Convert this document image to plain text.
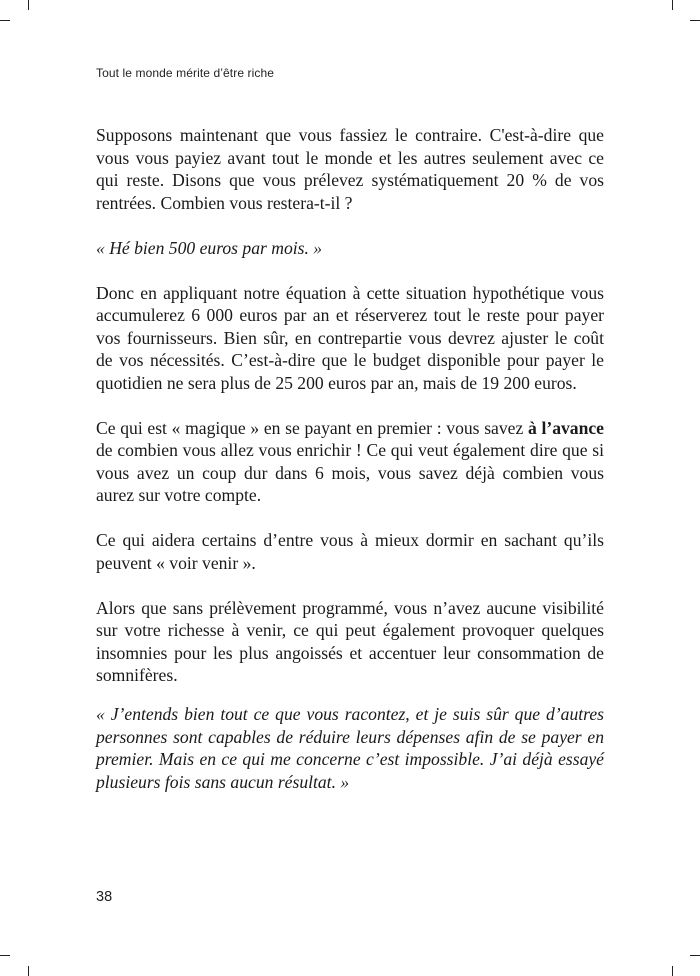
Tout le monde mérite d’être riche

Supposons maintenant que vous fassiez le contraire. C'est-à-dire que vous vous payiez avant tout le monde et les autres seulement avec ce qui reste. Disons que vous prélevez systématiquement 20 % de vos rentrées. Combien vous restera-t-il ?

« Hé bien 500 euros par mois. »

Donc en appliquant notre équation à cette situation hypothétique vous accumulerez 6 000 euros par an et réserverez tout le reste pour payer vos fournisseurs. Bien sûr, en contrepartie vous devrez ajuster le coût de vos nécessités. C’est-à-dire que le budget disponible pour payer le quotidien ne sera plus de 25 200 euros par an, mais de 19 200 euros.

Ce qui est « magique » en se payant en premier : vous savez à l’avance de combien vous allez vous enrichir ! Ce qui veut également dire que si vous avez un coup dur dans 6 mois, vous savez déjà combien vous aurez sur votre compte.

Ce qui aidera certains d’entre vous à mieux dormir en sachant qu’ils peuvent « voir venir ».

Alors que sans prélèvement programmé, vous n’avez aucune visibilité sur votre richesse à venir, ce qui peut également provoquer quelques insomnies pour les plus angoissés et accentuer leur consommation de somnifères.

« J’entends bien tout ce que vous racontez, et je suis sûr que d’autres personnes sont capables de réduire leurs dépenses afin de se payer en premier. Mais en ce qui me concerne c’est impossible. J’ai déjà essayé plusieurs fois sans aucun résultat. »

38
